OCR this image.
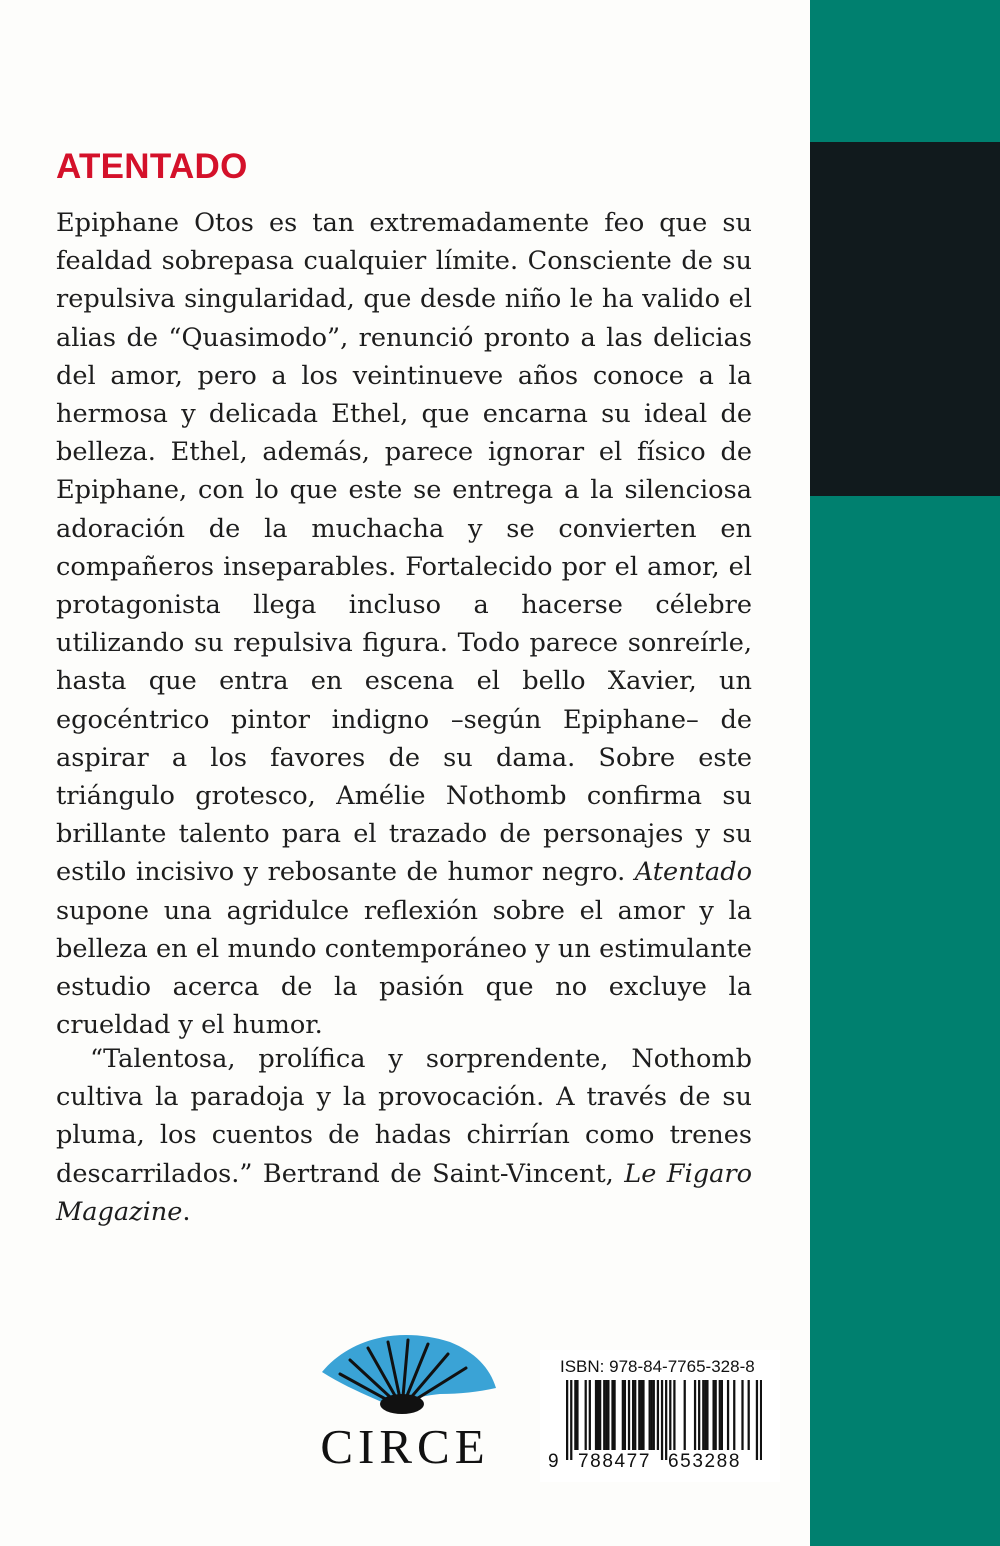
ATENTADO

Epiphane Otos es tan extremadamente feo que su fealdad sobrepasa cualquier límite. Consciente de su repulsiva singularidad, que desde niño le ha valido el alias de “Quasimodo”, renunció pronto a las delicias del amor, pero a los veintinueve años conoce a la hermosa y delicada Ethel, que encarna su ideal de belleza. Ethel, además, parece ignorar el físico de Epiphane, con lo que este se entrega a la silenciosa adoración de la muchacha y se convierten en compañeros inseparables. Fortalecido por el amor, el protagonista llega incluso a hacerse célebre utilizando su repulsiva figura. Todo parece sonreírle, hasta que entra en escena el bello Xavier, un egocéntrico pintor indigno –según Epiphane– de aspirar a los favores de su dama. Sobre este triángulo grotesco, Amélie Nothomb confirma su brillante talento para el trazado de personajes y su estilo incisivo y rebosante de humor negro. Atentado supone una agridulce reflexión sobre el amor y la belleza en el mundo contemporáneo y un estimulante estudio acerca de la pasión que no excluye la crueldad y el humor.

“Talentosa, prolífica y sorprendente, Nothomb cultiva la paradoja y la provocación. A través de su pluma, los cuentos de hadas chirrían como trenes descarrilados.” Bertrand de Saint-Vincent, Le Figaro Magazine.

CIRCE

ISBN: 978-84-7765-328-8

9 788477 653288
